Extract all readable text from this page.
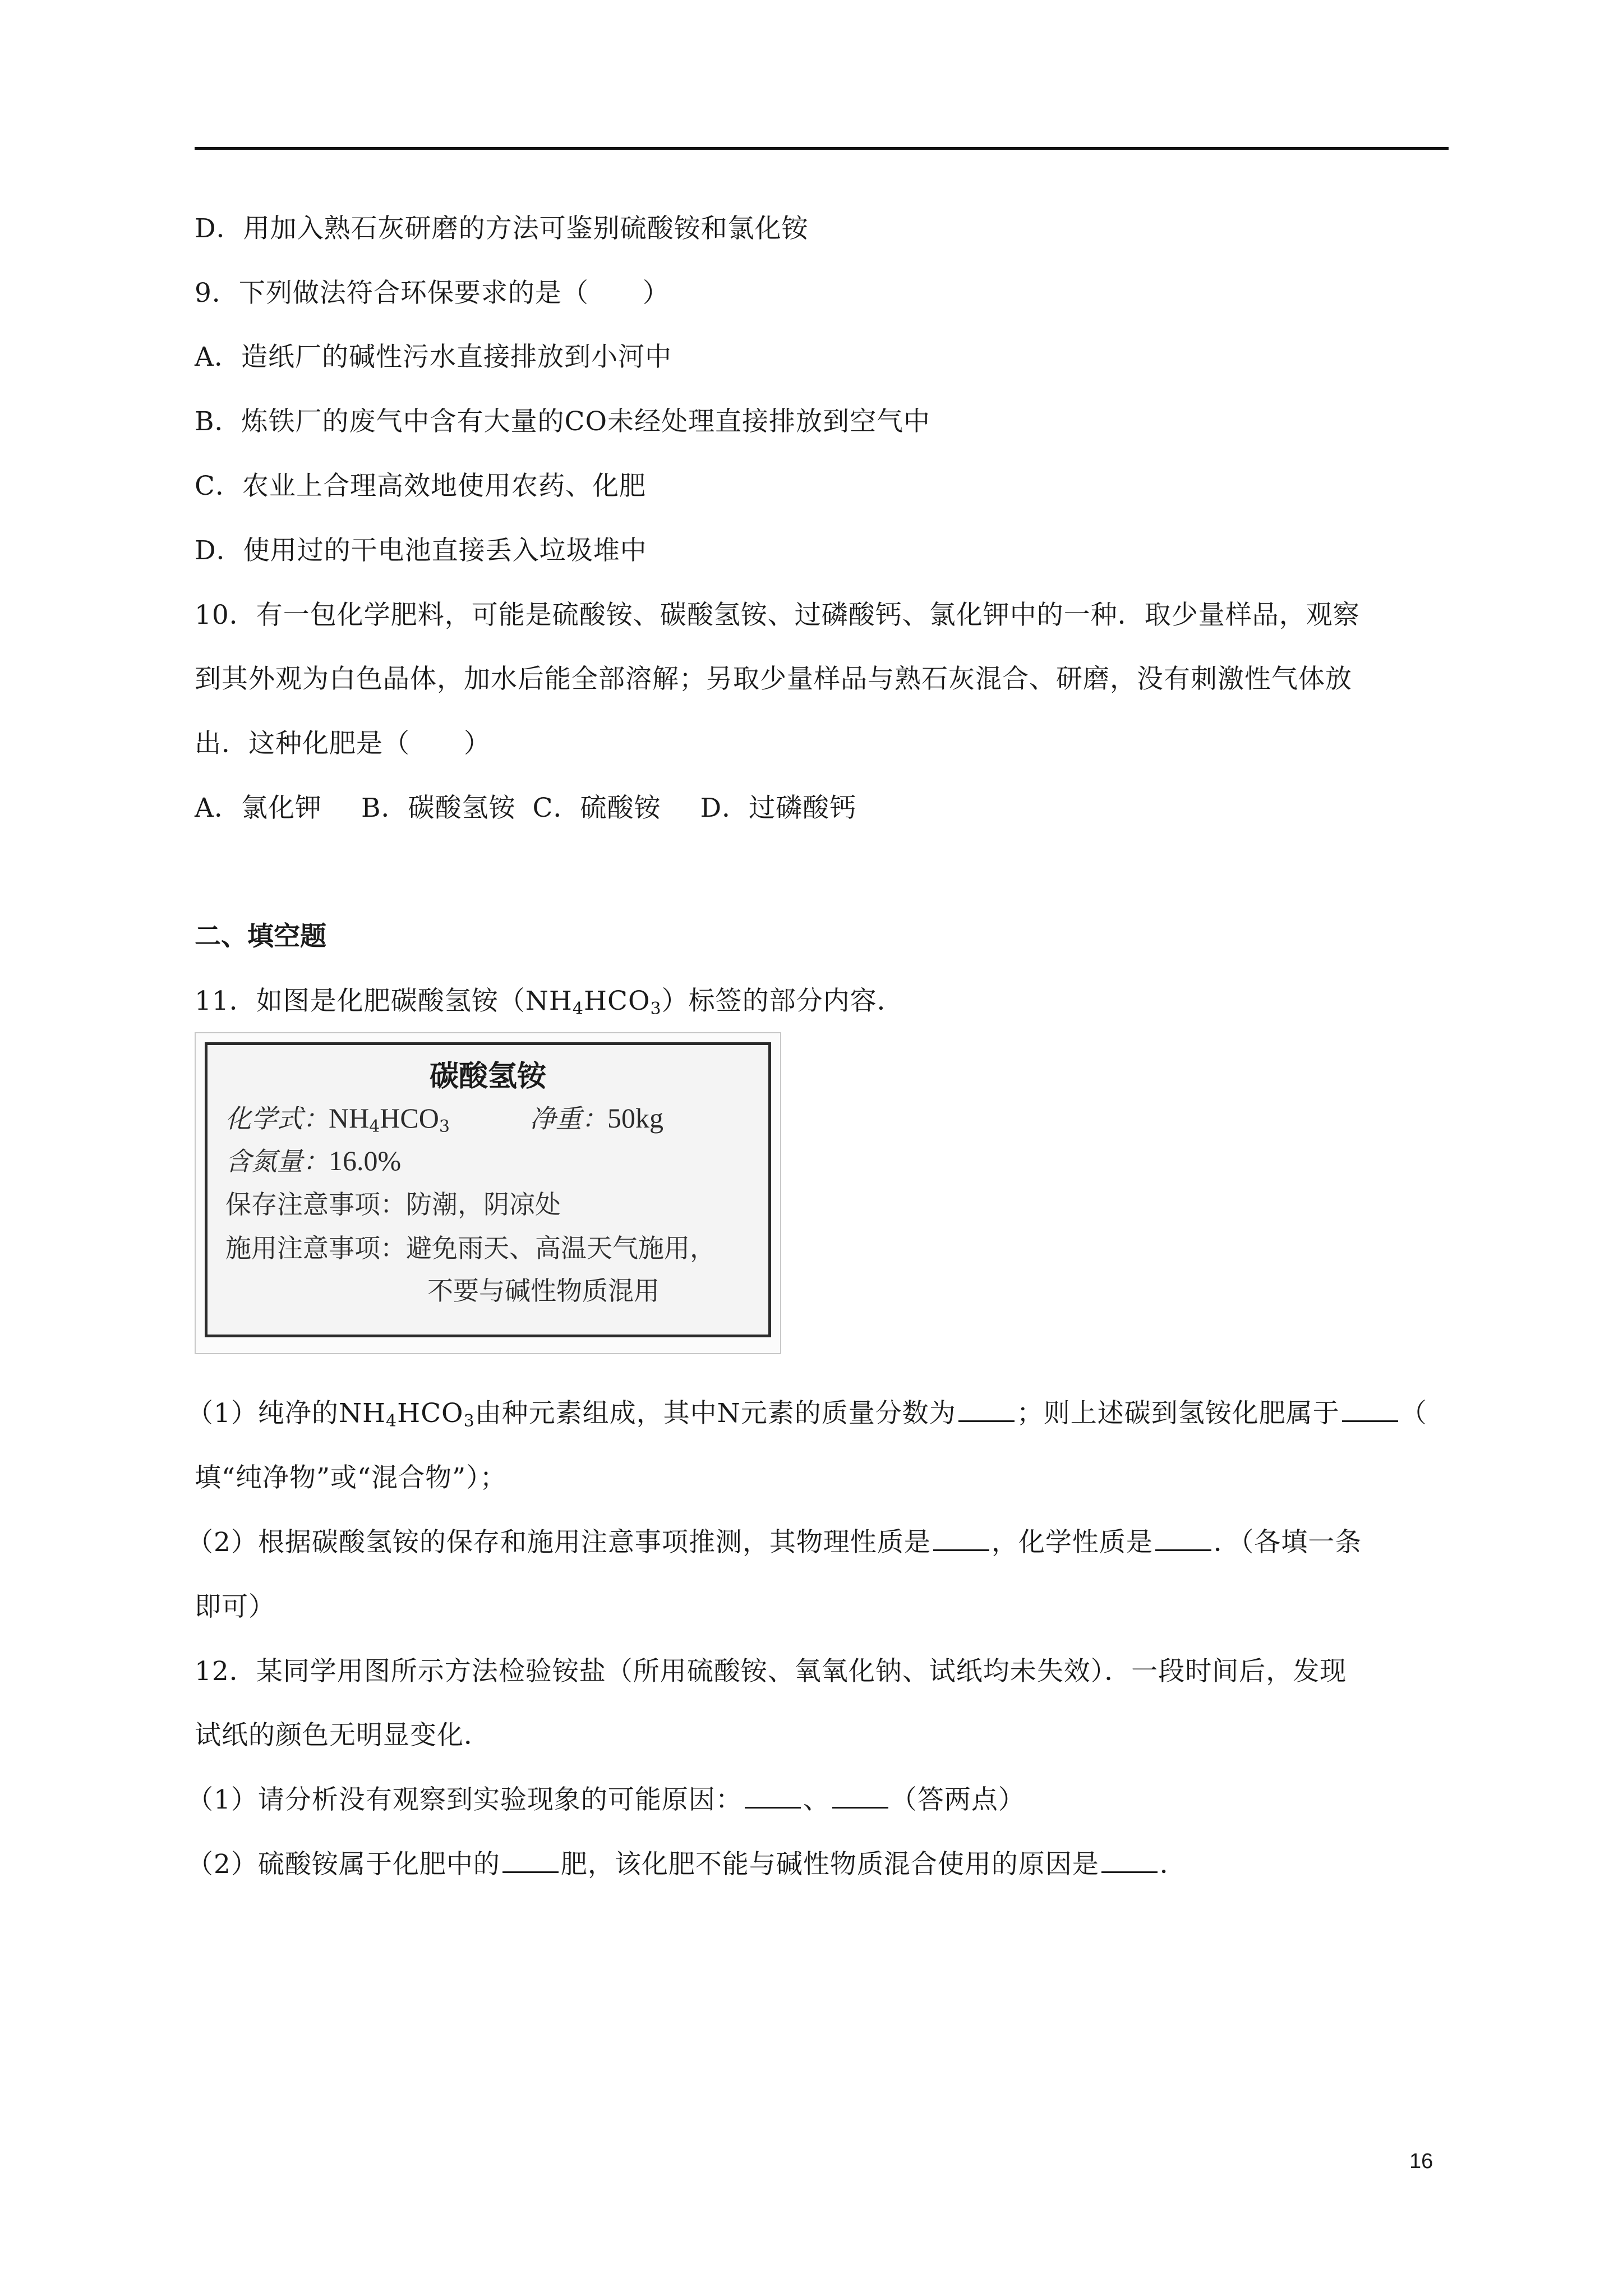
D．用加入熟石灰研磨的方法可鉴别硫酸铵和氯化铵
9．下列做法符合环保要求的是（　　）
A．造纸厂的碱性污水直接排放到小河中
B．炼铁厂的废气中含有大量的CO未经处理直接排放到空气中
C．农业上合理高效地使用农药、化肥
D．使用过的干电池直接丢入垃圾堆中
10．有一包化学肥料，可能是硫酸铵、碳酸氢铵、过磷酸钙、氯化钾中的一种．取少量样品，观察
到其外观为白色晶体，加水后能全部溶解；另取少量样品与熟石灰混合、研磨，没有刺激性气体放
出．这种化肥是（　　）
A．氯化钾 B．碳酸氢铵 C．硫酸铵 D．过磷酸钙
二、填空题
11．如图是化肥碳酸氢铵$(NH_4HCO_3)$标签的部分内容．
碳酸氢铵
化学式：$NH_4HCO_3$	净重：50kg
含氮量：16.0%
保存注意事项：防潮，阴凉处
施用注意事项：避免雨天、高温天气施用，
不要与碱性物质混用
（1）纯净的$NH_4HCO_3$由种元素组成，其中N元素的质量分数为 ；则上述碳到氢铵化肥属于 （
填“纯净物”或“混合物”）；
（2）根据碳酸氢铵的保存和施用注意事项推测，其物理性质是 ，化学性质是 ．（各填一条
即可）
12．某同学用图所示方法检验铵盐（所用硫酸铵、氧氧化钠、试纸均未失效）．一段时间后，发现
试纸的颜色无明显变化．
（1）请分析没有观察到实验现象的可能原因： 、 （答两点）
（2）硫酸铵属于化肥中的 肥，该化肥不能与碱性物质混合使用的原因是 ．
16
